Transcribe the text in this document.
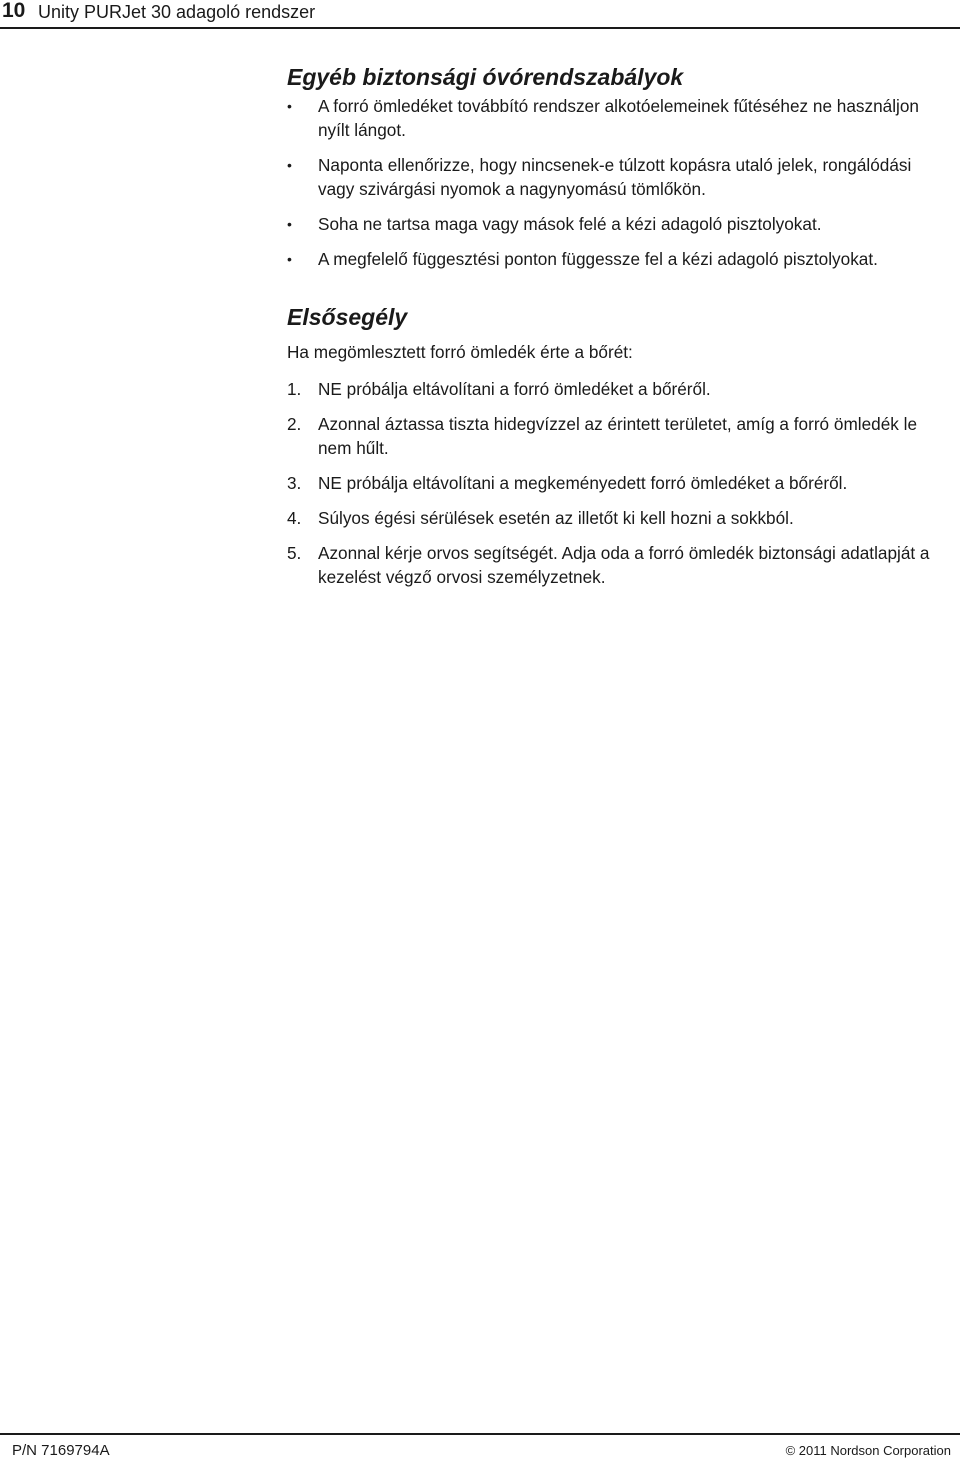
10 Unity PURJet 30 adagoló rendszer
Egyéb biztonsági óvórendszabályok
• A forró ömledéket továbbító rendszer alkotóelemeinek fűtéséhez ne használjon nyílt lángot.
• Naponta ellenőrizze, hogy nincsenek-e túlzott kopásra utaló jelek, rongálódási vagy szivárgási nyomok a nagynyomású tömlőkön.
• Soha ne tartsa maga vagy mások felé a kézi adagoló pisztolyokat.
• A megfelelő függesztési ponton függessze fel a kézi adagoló pisztolyokat.
Elsősegély

Ha megömlesztett forró ömledék érte a bőrét:

1. NE próbálja eltávolítani a forró ömledéket a bőréről.
2. Azonnal áztassa tiszta hidegvízzel az érintett területet, amíg a forró ömledék le nem hűlt.
3. NE próbálja eltávolítani a megkeményedett forró ömledéket a bőréről.
4. Súlyos égési sérülések esetén az illetőt ki kell hozni a sokkból.
5. Azonnal kérje orvos segítségét. Adja oda a forró ömledék biztonsági adatlapját a kezelést végző orvosi személyzetnek.
P/N 7169794A	© 2011 Nordson Corporation
